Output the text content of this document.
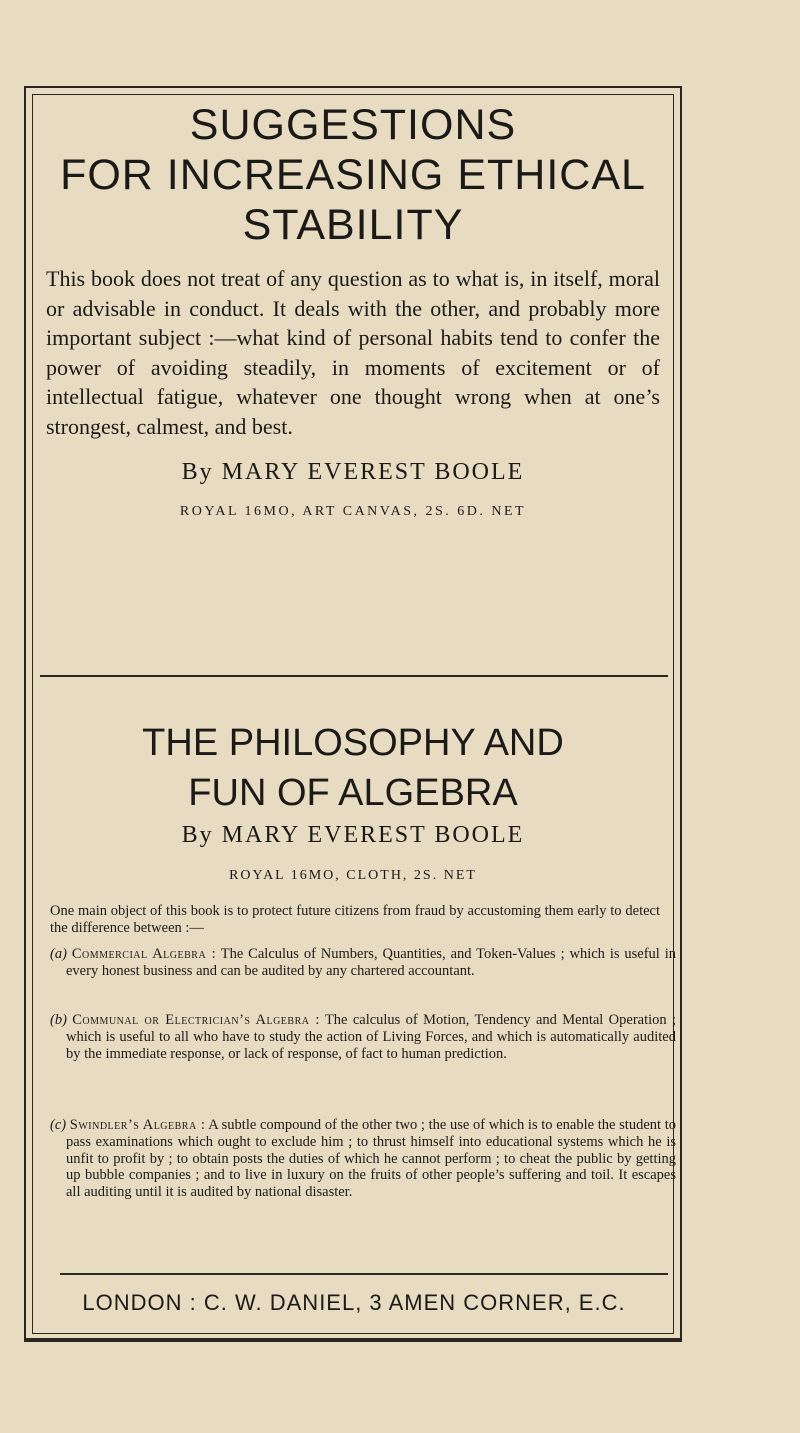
SUGGESTIONS
FOR INCREASING ETHICAL
STABILITY

This book does not treat of any question as to what is, in itself, moral or advisable in conduct. It deals with the other, and probably more important subject :—what kind of personal habits tend to confer the power of avoiding steadily, in moments of excitement or of intellectual fatigue, whatever one thought wrong when at one’s strongest, calmest, and best.

By MARY EVEREST BOOLE

ROYAL 16MO, ART CANVAS, 2S. 6D. NET

THE PHILOSOPHY AND
FUN OF ALGEBRA

By MARY EVEREST BOOLE

ROYAL 16MO, CLOTH, 2S. NET

One main object of this book is to protect future citizens from fraud by accustoming them early to detect the difference between :—

(a) Commercial Algebra : The Calculus of Numbers, Quantities, and Token-Values ; which is useful in every honest business and can be audited by any chartered accountant.

(b) Communal or Electrician’s Algebra : The calculus of Motion, Tendency and Mental Operation ; which is useful to all who have to study the action of Living Forces, and which is automatically audited by the immediate response, or lack of response, of fact to human prediction.

(c) Swindler’s Algebra : A subtle compound of the other two ; the use of which is to enable the student to pass examinations which ought to exclude him ; to thrust himself into educational systems which he is unfit to profit by ; to obtain posts the duties of which he cannot perform ; to cheat the public by getting up bubble companies ; and to live in luxury on the fruits of other people’s suffering and toil. It escapes all auditing until it is audited by national disaster.

LONDON : C. W. DANIEL, 3 AMEN CORNER, E.C.
